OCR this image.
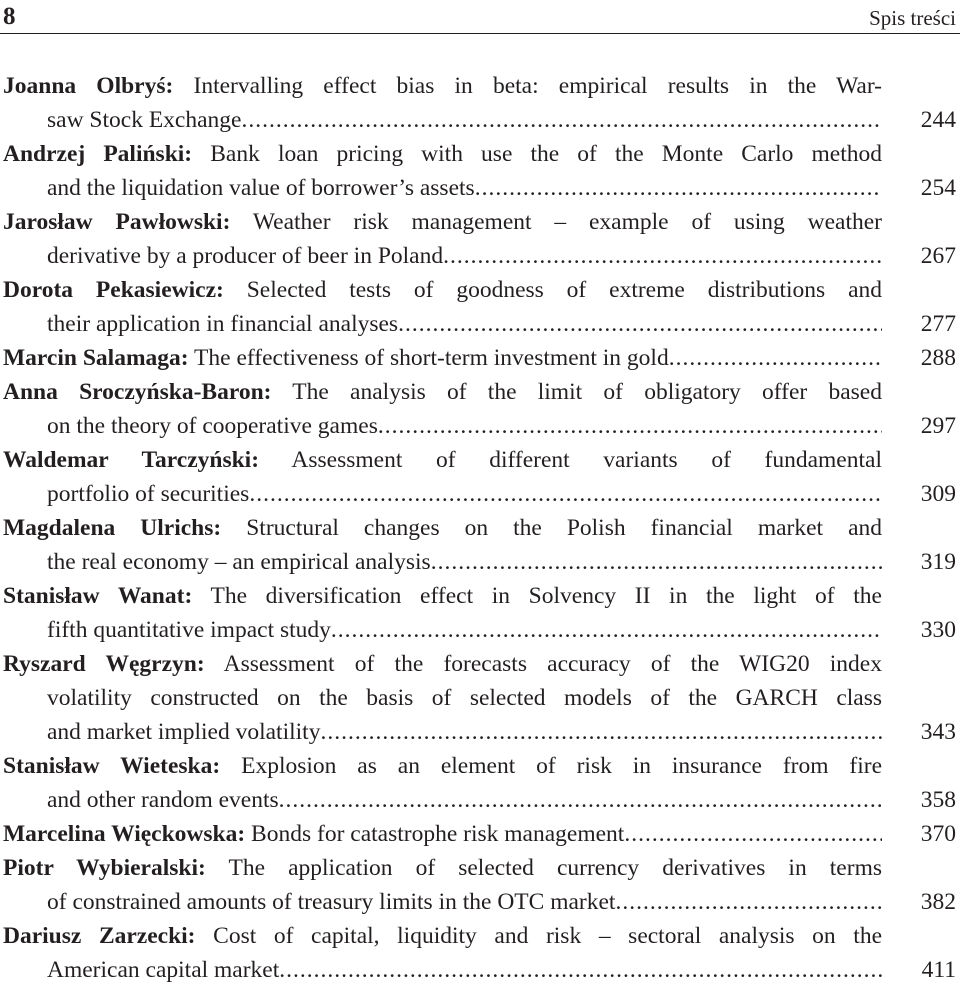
8	Spis treści
Joanna Olbryś: Intervalling effect bias in beta: empirical results in the War-
saw Stock Exchange .....	244
Andrzej Paliński: Bank loan pricing with use the of the Monte Carlo method
and the liquidation value of borrower’s assets .....	254
Jarosław Pawłowski: Weather risk management – example of using weather
derivative by a producer of beer in Poland .....	267
Dorota Pekasiewicz: Selected tests of goodness of extreme distributions and
their application in financial analyses .....	277
Marcin Salamaga: The effectiveness of short-term investment in gold .....	288
Anna Sroczyńska-Baron: The analysis of the limit of obligatory offer based
on the theory of cooperative games .....	297
Waldemar Tarczyński: Assessment of different variants of fundamental
portfolio of securities .....	309
Magdalena Ulrichs: Structural changes on the Polish financial market and
the real economy – an empirical analysis .....	319
Stanisław Wanat: The diversification effect in Solvency II in the light of the
fifth quantitative impact study .....	330
Ryszard Węgrzyn: Assessment of the forecasts accuracy of the WIG20 index
volatility constructed on the basis of selected models of the GARCH class
and market implied volatility .....	343
Stanisław Wieteska: Explosion as an element of risk in insurance from fire
and other random events .....	358
Marcelina Więckowska: Bonds for catastrophe risk management .....	370
Piotr Wybieralski: The application of selected currency derivatives in terms
of constrained amounts of treasury limits in the OTC market .....	382
Dariusz Zarzecki: Cost of capital, liquidity and risk – sectoral analysis on the
American capital market .....	411
